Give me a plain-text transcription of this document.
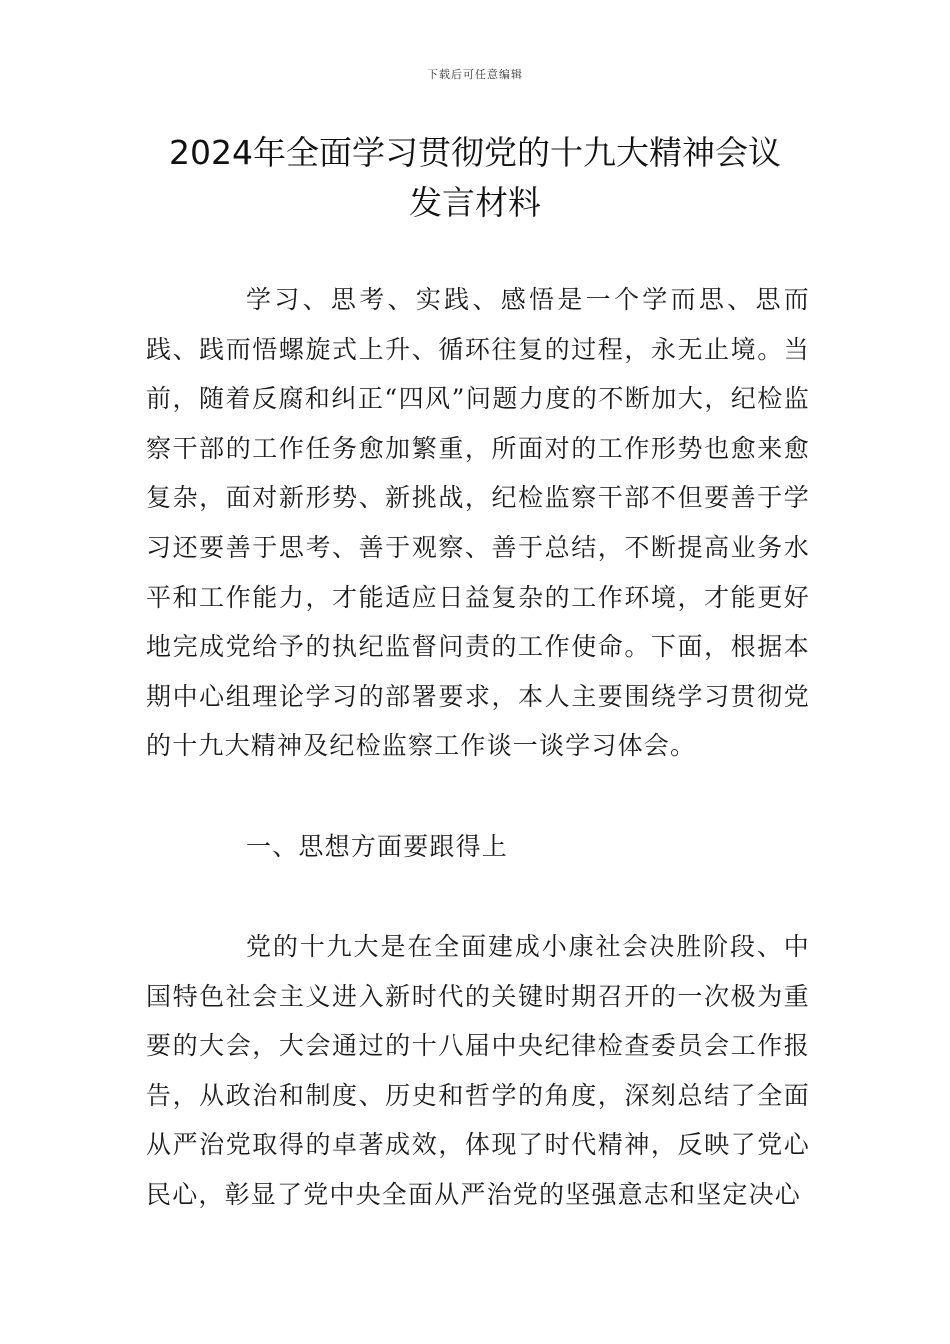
下载后可任意编辑
2024年全面学习贯彻党的十九大精神会议
发言材料

学习、思考、实践、感悟是一个学而思、思而践、践而悟螺旋式上升、循环往复的过程，永无止境。当前，随着反腐和纠正“四风”问题力度的不断加大，纪检监察干部的工作任务愈加繁重，所面对的工作形势也愈来愈复杂，面对新形势、新挑战，纪检监察干部不但要善于学习还要善于思考、善于观察、善于总结，不断提高业务水平和工作能力，才能适应日益复杂的工作环境，才能更好地完成党给予的执纪监督问责的工作使命。下面，根据本期中心组理论学习的部署要求，本人主要围绕学习贯彻党的十九大精神及纪检监察工作谈一谈学习体会。

一、思想方面要跟得上

党的十九大是在全面建成小康社会决胜阶段、中国特色社会主义进入新时代的关键时期召开的一次极为重要的大会，大会通过的十八届中央纪律检查委员会工作报告，从政治和制度、历史和哲学的角度，深刻总结了全面从严治党取得的卓著成效，体现了时代精神，反映了党心民心，彰显了党中央全面从严治党的坚强意志和坚定决心
